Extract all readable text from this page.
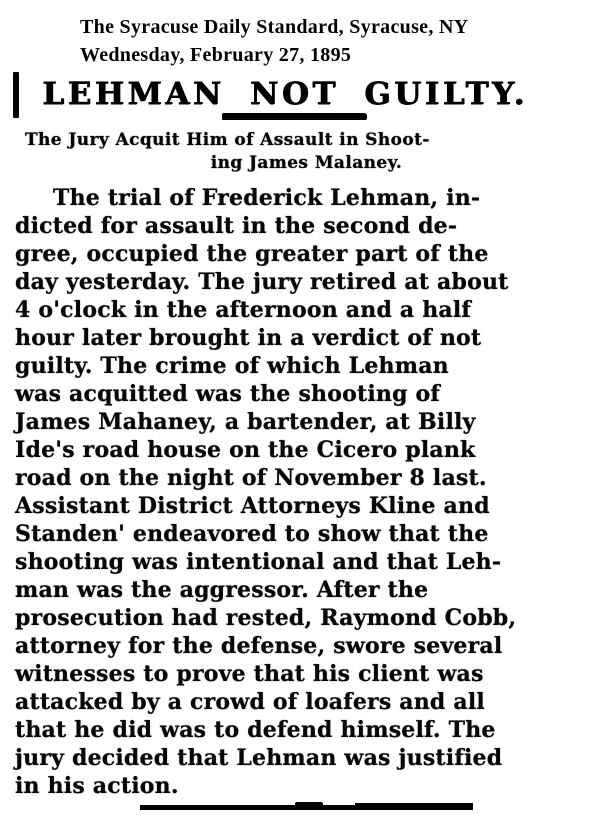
The Syracuse Daily Standard, Syracuse, NY
Wednesday, February 27, 1895
LEHMAN NOT GUILTY.
The Jury Acquit Him of Assault in Shoot-
ing James Malaney.
The trial of Frederick Lehman, in-
dicted for assault in the second de-
gree, occupied the greater part of the
day yesterday. The jury retired at about
4 o'clock in the afternoon and a half
hour later brought in a verdict of not
guilty. The crime of which Lehman
was acquitted was the shooting of
James Mahaney, a bartender, at Billy
Ide's road house on the Cicero plank
road on the night of November 8 last.
Assistant District Attorneys Kline and
Standen' endeavored to show that the
shooting was intentional and that Leh-
man was the aggressor. After the
prosecution had rested, Raymond Cobb,
attorney for the defense, swore several
witnesses to prove that his client was
attacked by a crowd of loafers and all
that he did was to defend himself. The
jury decided that Lehman was justified
in his action.
